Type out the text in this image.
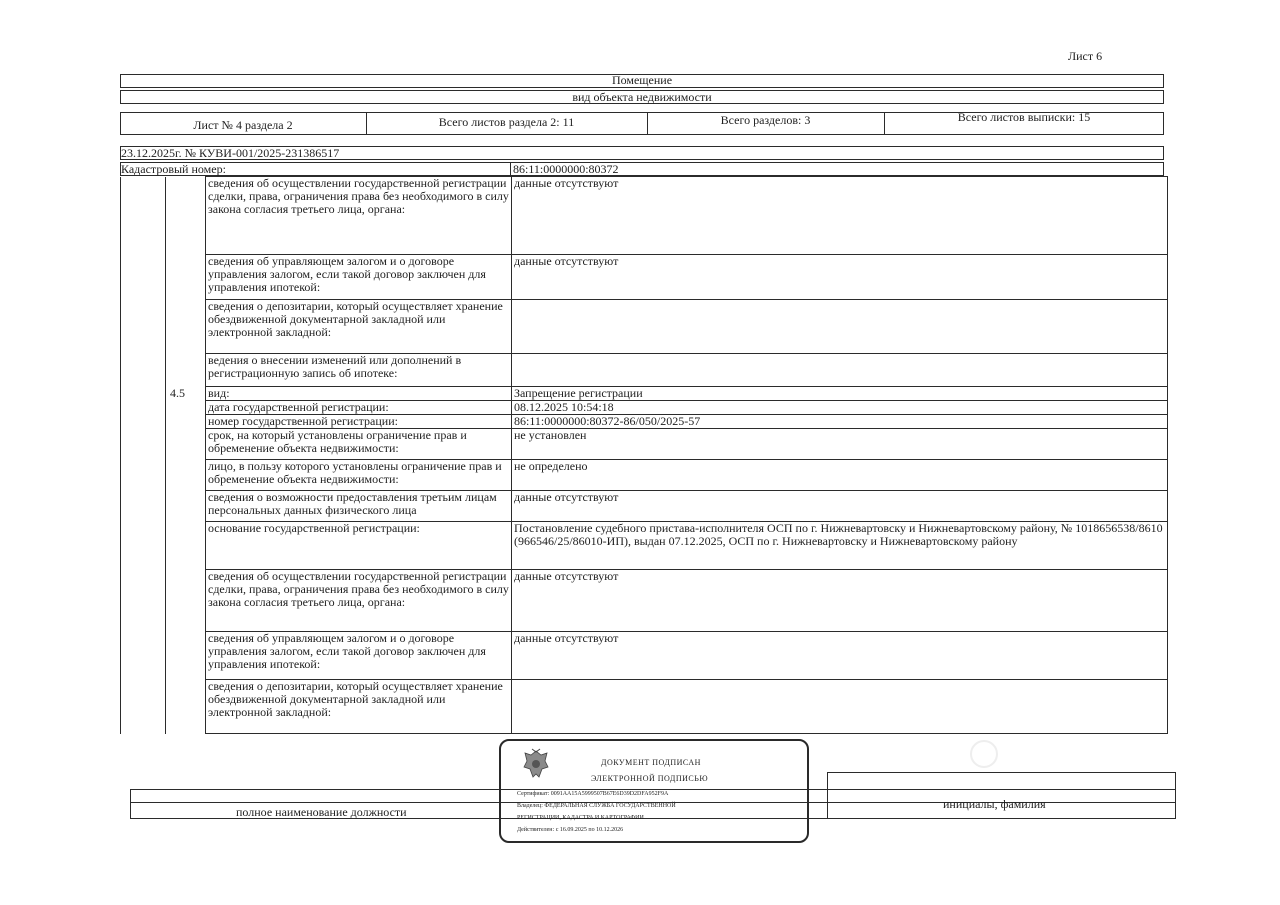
Лист 6
Помещение
вид объекта недвижимости
Лист № 4 раздела 2	Всего листов раздела 2: 11	Всего разделов: 3	Всего листов выписки: 15
23.12.2025г. № КУВИ-001/2025-231386517
Кадастровый номер:	86:11:0000000:80372
		сведения об осуществлении государственной регистрации сделки, права, ограничения права без необходимого в силу закона согласия третьего лица, органа:	данные отсутствуют
		сведения об управляющем залогом и о договоре управления залогом, если такой договор заключен для управления ипотекой:	данные отсутствуют
		сведения о депозитарии, который осуществляет хранение обездвиженной документарной закладной или электронной закладной:	
		ведения о внесении изменений или дополнений в регистрационную запись об ипотеке:	
	4.5	вид:	Запрещение регистрации
		дата государственной регистрации:	08.12.2025 10:54:18
		номер государственной регистрации:	86:11:0000000:80372-86/050/2025-57
		срок, на который установлены ограничение прав и обременение объекта недвижимости:	не установлен
		лицо, в пользу которого установлены ограничение прав и обременение объекта недвижимости:	не определено
		сведения о возможности предоставления третьим лицам персональных данных физического лица	данные отсутствуют
		основание государственной регистрации:	Постановление судебного пристава-исполнителя ОСП по г. Нижневартовску и Нижневартовскому району, № 1018656538/8610 (966546/25/86010-ИП), выдан 07.12.2025, ОСП по г. Нижневартовску и Нижневартовскому району
		сведения об осуществлении государственной регистрации сделки, права, ограничения права без необходимого в силу закона согласия третьего лица, органа:	данные отсутствуют
		сведения об управляющем залогом и о договоре управления залогом, если такой договор заключен для управления ипотекой:	данные отсутствуют
		сведения о депозитарии, который осуществляет хранение обездвиженной документарной закладной или электронной закладной:	
полное наименование должности
инициалы, фамилия
ДОКУМЕНТ ПОДПИСАН
ЭЛЕКТРОННОЙ ПОДПИСЬЮ
Сертификат: 0091AA15A5999507B67E6D39D2DFA952F9A
Владелец: ФЕДЕРАЛЬНАЯ СЛУЖБА ГОСУДАРСТВЕННОЙ
РЕГИСТРАЦИИ, КАДАСТРА И КАРТОГРАФИИ
Действителен: с 16.09.2025 по 10.12.2026
